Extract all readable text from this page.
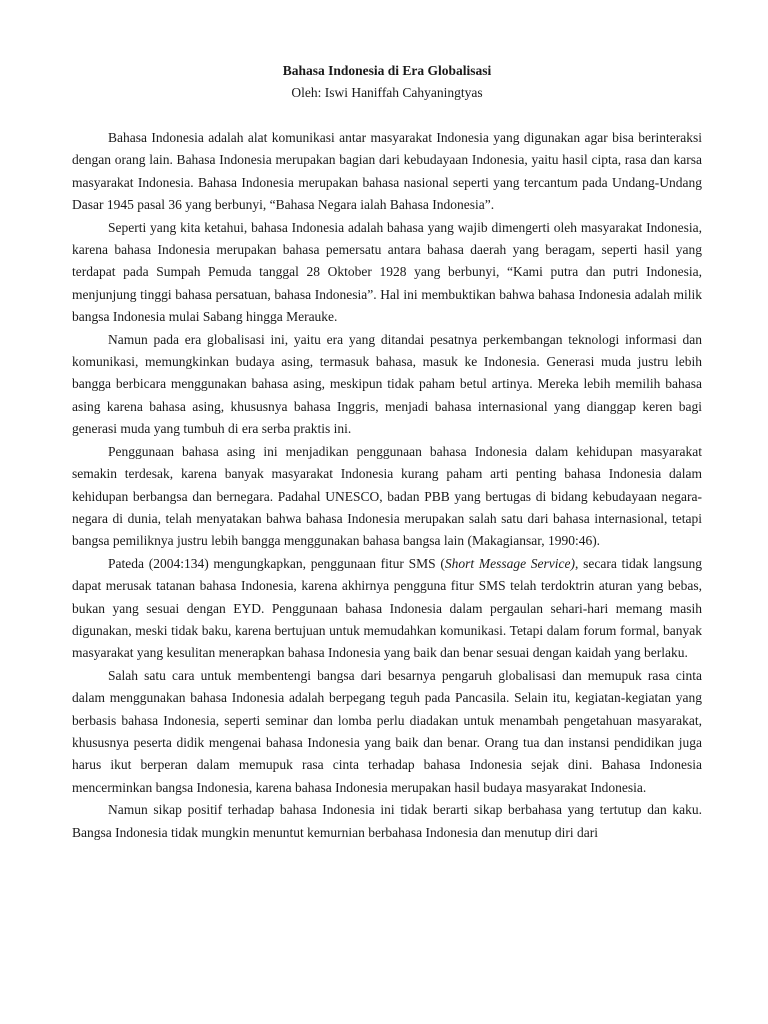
Bahasa Indonesia di Era Globalisasi

Oleh: Iswi Haniffah Cahyaningtyas

Bahasa Indonesia adalah alat komunikasi antar masyarakat Indonesia yang digunakan agar bisa berinteraksi dengan orang lain. Bahasa Indonesia merupakan bagian dari kebudayaan Indonesia, yaitu hasil cipta, rasa dan karsa masyarakat Indonesia. Bahasa Indonesia merupakan bahasa nasional seperti yang tercantum pada Undang-Undang Dasar 1945 pasal 36 yang berbunyi, “Bahasa Negara ialah Bahasa Indonesia”.

Seperti yang kita ketahui, bahasa Indonesia adalah bahasa yang wajib dimengerti oleh masyarakat Indonesia, karena bahasa Indonesia merupakan bahasa pemersatu antara bahasa daerah yang beragam, seperti hasil yang terdapat pada Sumpah Pemuda tanggal 28 Oktober 1928 yang berbunyi, “Kami putra dan putri Indonesia, menjunjung tinggi bahasa persatuan, bahasa Indonesia”. Hal ini membuktikan bahwa bahasa Indonesia adalah milik bangsa Indonesia mulai Sabang hingga Merauke.

Namun pada era globalisasi ini, yaitu era yang ditandai pesatnya perkembangan teknologi informasi dan komunikasi, memungkinkan budaya asing, termasuk bahasa, masuk ke Indonesia. Generasi muda justru lebih bangga berbicara menggunakan bahasa asing, meskipun tidak paham betul artinya. Mereka lebih memilih bahasa asing karena bahasa asing, khususnya bahasa Inggris, menjadi bahasa internasional yang dianggap keren bagi generasi muda yang tumbuh di era serba praktis ini.

Penggunaan bahasa asing ini menjadikan penggunaan bahasa Indonesia dalam kehidupan masyarakat semakin terdesak, karena banyak masyarakat Indonesia kurang paham arti penting bahasa Indonesia dalam kehidupan berbangsa dan bernegara. Padahal UNESCO, badan PBB yang bertugas di bidang kebudayaan negara-negara di dunia, telah menyatakan bahwa bahasa Indonesia merupakan salah satu dari bahasa internasional, tetapi bangsa pemiliknya justru lebih bangga menggunakan bahasa bangsa lain (Makagiansar, 1990:46).

Pateda (2004:134) mengungkapkan, penggunaan fitur SMS (Short Message Service), secara tidak langsung dapat merusak tatanan bahasa Indonesia, karena akhirnya pengguna fitur SMS telah terdoktrin aturan yang bebas, bukan yang sesuai dengan EYD. Penggunaan bahasa Indonesia dalam pergaulan sehari-hari memang masih digunakan, meski tidak baku, karena bertujuan untuk memudahkan komunikasi. Tetapi dalam forum formal, banyak masyarakat yang kesulitan menerapkan bahasa Indonesia yang baik dan benar sesuai dengan kaidah yang berlaku.

Salah satu cara untuk membentengi bangsa dari besarnya pengaruh globalisasi dan memupuk rasa cinta dalam menggunakan bahasa Indonesia adalah berpegang teguh pada Pancasila. Selain itu, kegiatan-kegiatan yang berbasis bahasa Indonesia, seperti seminar dan lomba perlu diadakan untuk menambah pengetahuan masyarakat, khususnya peserta didik mengenai bahasa Indonesia yang baik dan benar. Orang tua dan instansi pendidikan juga harus ikut berperan dalam memupuk rasa cinta terhadap bahasa Indonesia sejak dini. Bahasa Indonesia mencerminkan bangsa Indonesia, karena bahasa Indonesia merupakan hasil budaya masyarakat Indonesia.

Namun sikap positif terhadap bahasa Indonesia ini tidak berarti sikap berbahasa yang tertutup dan kaku. Bangsa Indonesia tidak mungkin menuntut kemurnian berbahasa Indonesia dan menutup diri dari
